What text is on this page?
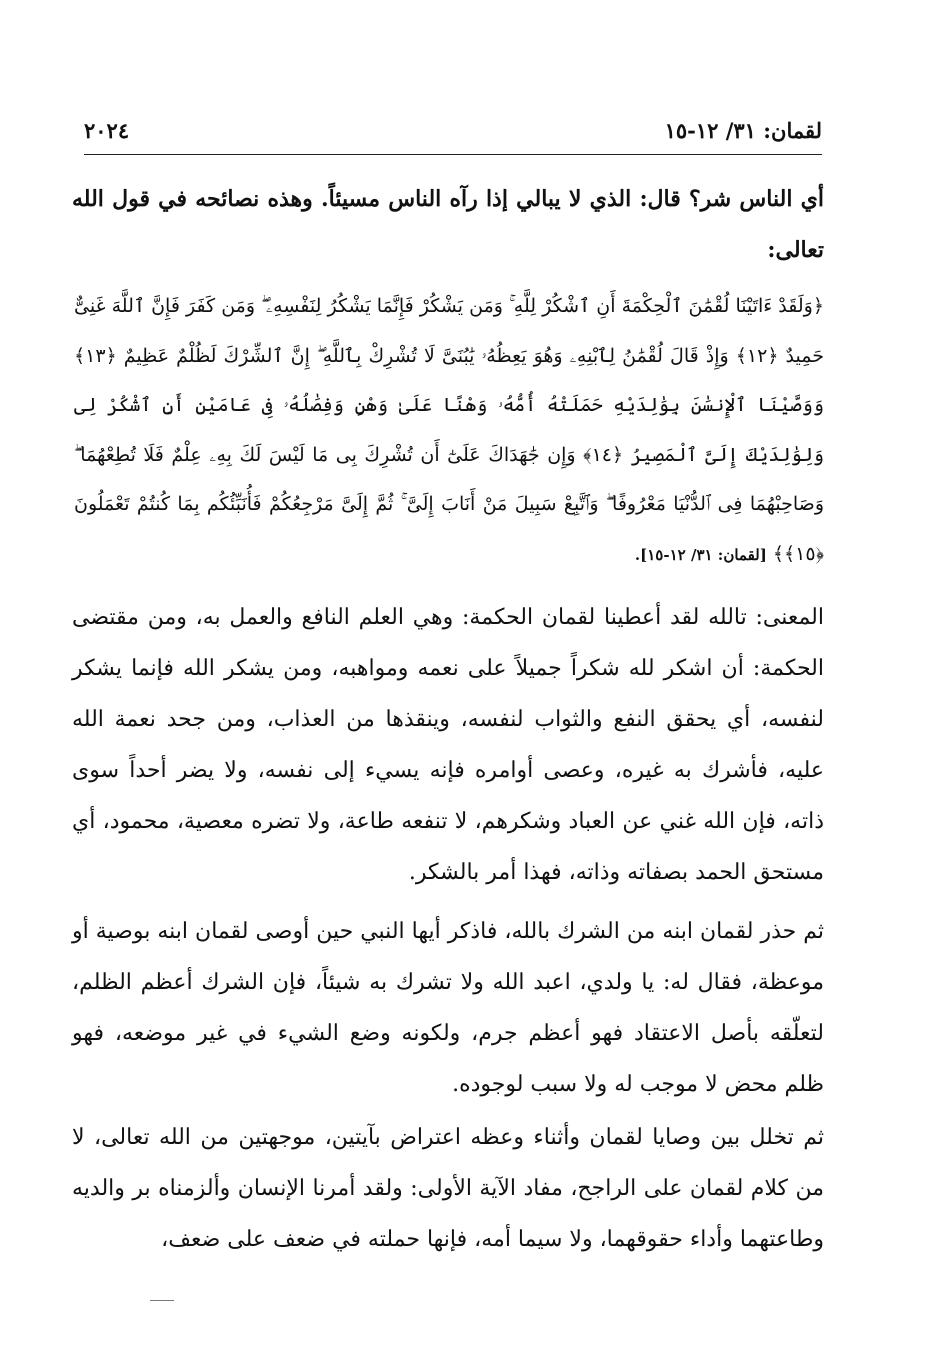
لقمان: ٣١/ ١٢-١٥
٢٠٢٤

أي الناس شر؟ قال: الذي لا يبالي إذا رآه الناس مسيئاً. وهذه نصائحه في قول الله تعالى:

﴿وَلَقَدْ ءَاتَيْنَا لُقْمَٰنَ ٱلْحِكْمَةَ أَنِ ٱشْكُرْ لِلَّهِ ۚ وَمَن يَشْكُرْ فَإِنَّمَا يَشْكُرُ لِنَفْسِهِۦ ۖ وَمَن كَفَرَ فَإِنَّ ٱللَّهَ غَنِىٌّ حَمِيدٌ ﴿١٢﴾ وَإِذْ قَالَ لُقْمَٰنُ لِٱبْنِهِۦ وَهُوَ يَعِظُهُۥ يَٰبُنَىَّ لَا تُشْرِكْ بِٱللَّهِ ۖ إِنَّ ٱلشِّرْكَ لَظُلْمٌ عَظِيمٌ ﴿١٣﴾ وَوَصَّيْنَا ٱلْإِنسَٰنَ بِوَٰلِدَيْهِ حَمَلَتْهُ أُمُّهُۥ وَهْنًا عَلَىٰ وَهْنٍ وَفِصَٰلُهُۥ فِى عَامَيْنِ أَنِ ٱشْكُرْ لِى وَلِوَٰلِدَيْكَ إِلَىَّ ٱلْمَصِيرُ ﴿١٤﴾ وَإِن جَٰهَدَاكَ عَلَىٰٓ أَن تُشْرِكَ بِى مَا لَيْسَ لَكَ بِهِۦ عِلْمٌ فَلَا تُطِعْهُمَا ۖ وَصَاحِبْهُمَا فِى ٱلدُّنْيَا مَعْرُوفًا ۖ وَٱتَّبِعْ سَبِيلَ مَنْ أَنَابَ إِلَىَّ ۚ ثُمَّ إِلَىَّ مَرْجِعُكُمْ فَأُنَبِّئُكُم بِمَا كُنتُمْ تَعْمَلُونَ ﴿١٥﴾﴾ [لقمان: ٣١/ ١٢-١٥].

المعنى: تالله لقد أعطينا لقمان الحكمة: وهي العلم النافع والعمل به، ومن مقتضى الحكمة: أن اشكر لله شكراً جميلاً على نعمه ومواهبه، ومن يشكر الله فإنما يشكر لنفسه، أي يحقق النفع والثواب لنفسه، وينقذها من العذاب، ومن جحد نعمة الله عليه، فأشرك به غيره، وعصى أوامره فإنه يسيء إلى نفسه، ولا يضر أحداً سوى ذاته، فإن الله غني عن العباد وشكرهم، لا تنفعه طاعة، ولا تضره معصية، محمود، أي مستحق الحمد بصفاته وذاته، فهذا أمر بالشكر.

ثم حذر لقمان ابنه من الشرك بالله، فاذكر أيها النبي حين أوصى لقمان ابنه بوصية أو موعظة، فقال له: يا ولدي، اعبد الله ولا تشرك به شيئاً، فإن الشرك أعظم الظلم، لتعلّقه بأصل الاعتقاد فهو أعظم جرم، ولكونه وضع الشيء في غير موضعه، فهو ظلم محض لا موجب له ولا سبب لوجوده.

ثم تخلل بين وصايا لقمان وأثناء وعظه اعتراض بآيتين، موجهتين من الله تعالى، لا من كلام لقمان على الراجح، مفاد الآية الأولى: ولقد أمرنا الإنسان وألزمناه بر والديه وطاعتهما وأداء حقوقهما، ولا سيما أمه، فإنها حملته في ضعف على ضعف،
